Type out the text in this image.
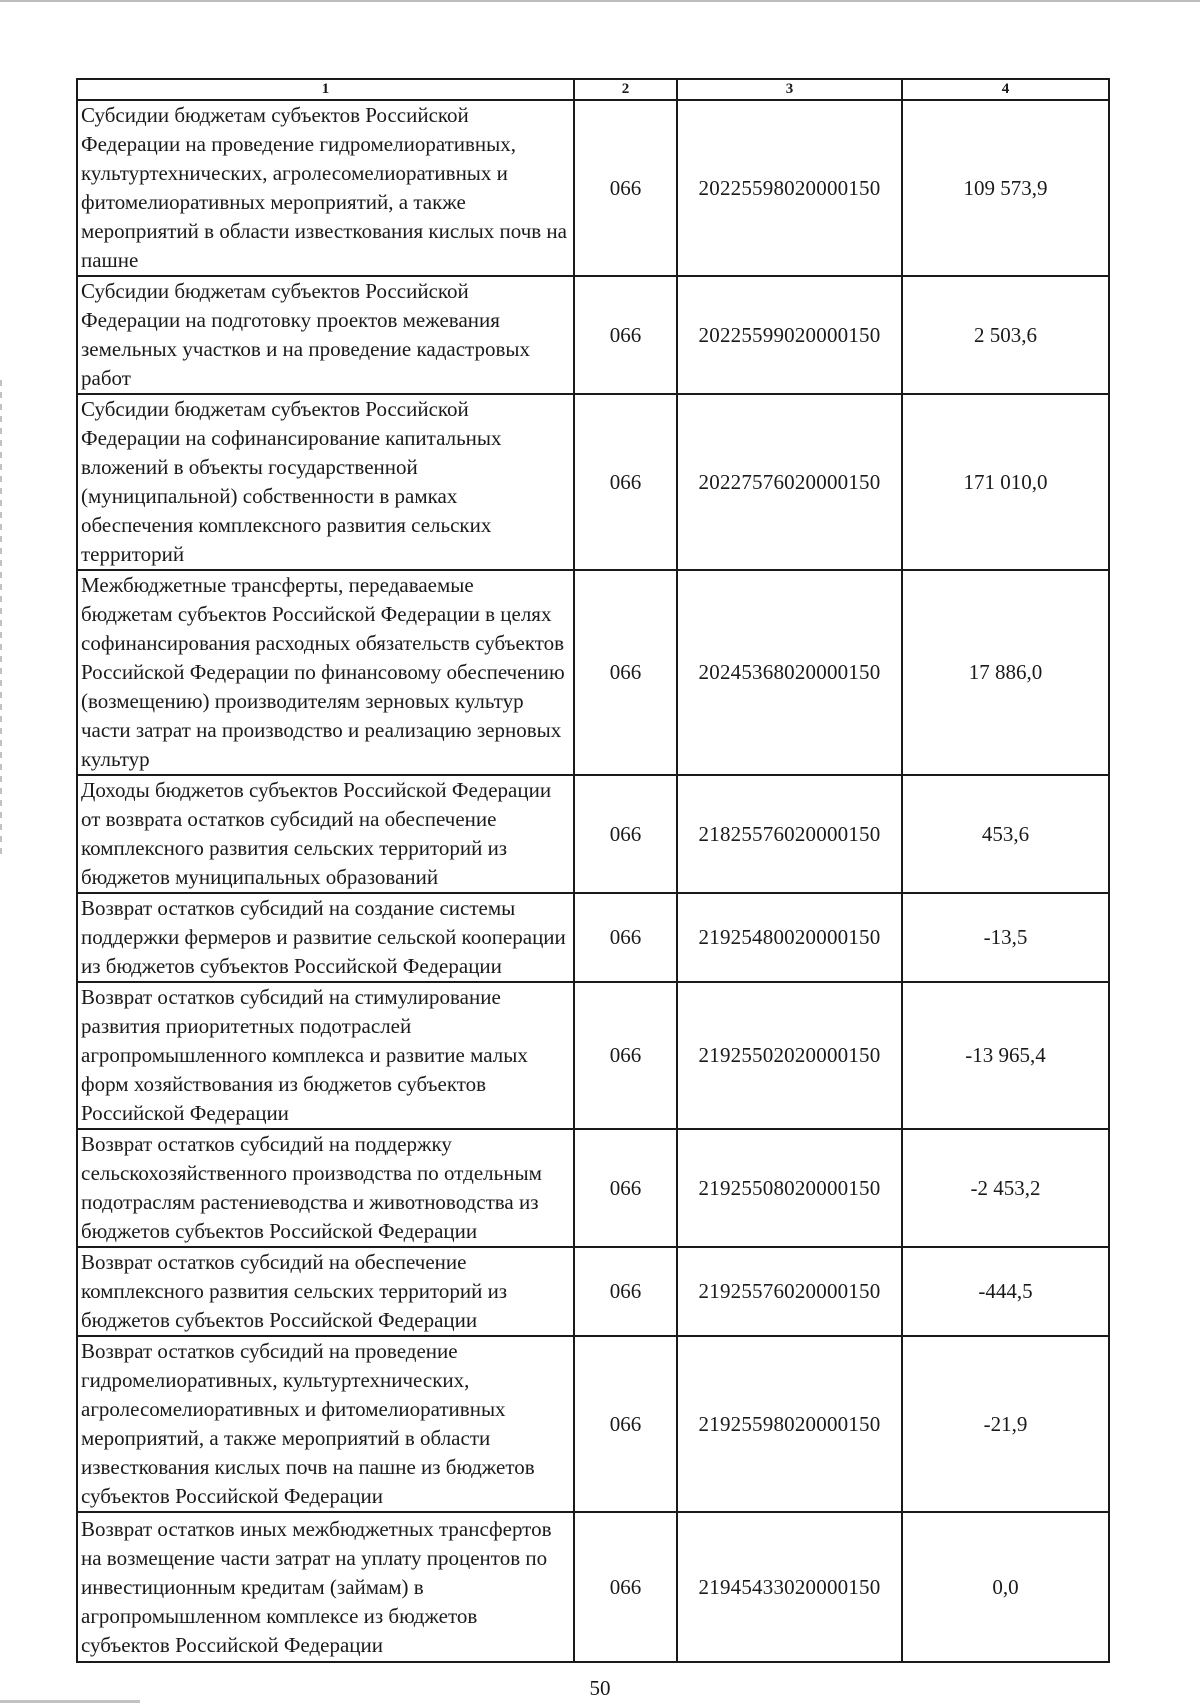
1	2	3	4
Субсидии бюджетам субъектов Российской Федерации на проведение гидромелиоративных, культуртехнических, агролесомелиоративных и фитомелиоративных мероприятий, а также мероприятий в области известкования кислых почв на пашне	066	20225598020000150	109 573,9
Субсидии бюджетам субъектов Российской Федерации на подготовку проектов межевания земельных участков и на проведение кадастровых работ	066	20225599020000150	2 503,6
Субсидии бюджетам субъектов Российской Федерации на софинансирование капитальных вложений в объекты государственной (муниципальной) собственности в рамках обеспечения комплексного развития сельских территорий	066	20227576020000150	171 010,0
Межбюджетные трансферты, передаваемые бюджетам субъектов Российской Федерации в целях софинансирования расходных обязательств субъектов Российской Федерации по финансовому обеспечению (возмещению) производителям зерновых культур части затрат на производство и реализацию зерновых культур	066	20245368020000150	17 886,0
Доходы бюджетов субъектов Российской Федерации от возврата остатков субсидий на обеспечение комплексного развития сельских территорий из бюджетов муниципальных образований	066	21825576020000150	453,6
Возврат остатков субсидий на создание системы поддержки фермеров и развитие сельской кооперации из бюджетов субъектов Российской Федерации	066	21925480020000150	-13,5
Возврат остатков субсидий на стимулирование развития приоритетных подотраслей агропромышленного комплекса и развитие малых форм хозяйствования из бюджетов субъектов Российской Федерации	066	21925502020000150	-13 965,4
Возврат остатков субсидий на поддержку сельскохозяйственного производства по отдельным подотраслям растениеводства и животноводства из бюджетов субъектов Российской Федерации	066	21925508020000150	-2 453,2
Возврат остатков субсидий на обеспечение комплексного развития сельских территорий из бюджетов субъектов Российской Федерации	066	21925576020000150	-444,5
Возврат остатков субсидий на проведение гидромелиоративных, культуртехнических, агролесомелиоративных и фитомелиоративных мероприятий, а также мероприятий в области известкования кислых почв на пашне из бюджетов субъектов Российской Федерации	066	21925598020000150	-21,9
Возврат остатков иных межбюджетных трансфертов на возмещение части затрат на уплату процентов по инвестиционным кредитам (займам) в агропромышленном комплексе из бюджетов субъектов Российской Федерации	066	21945433020000150	0,0
50
